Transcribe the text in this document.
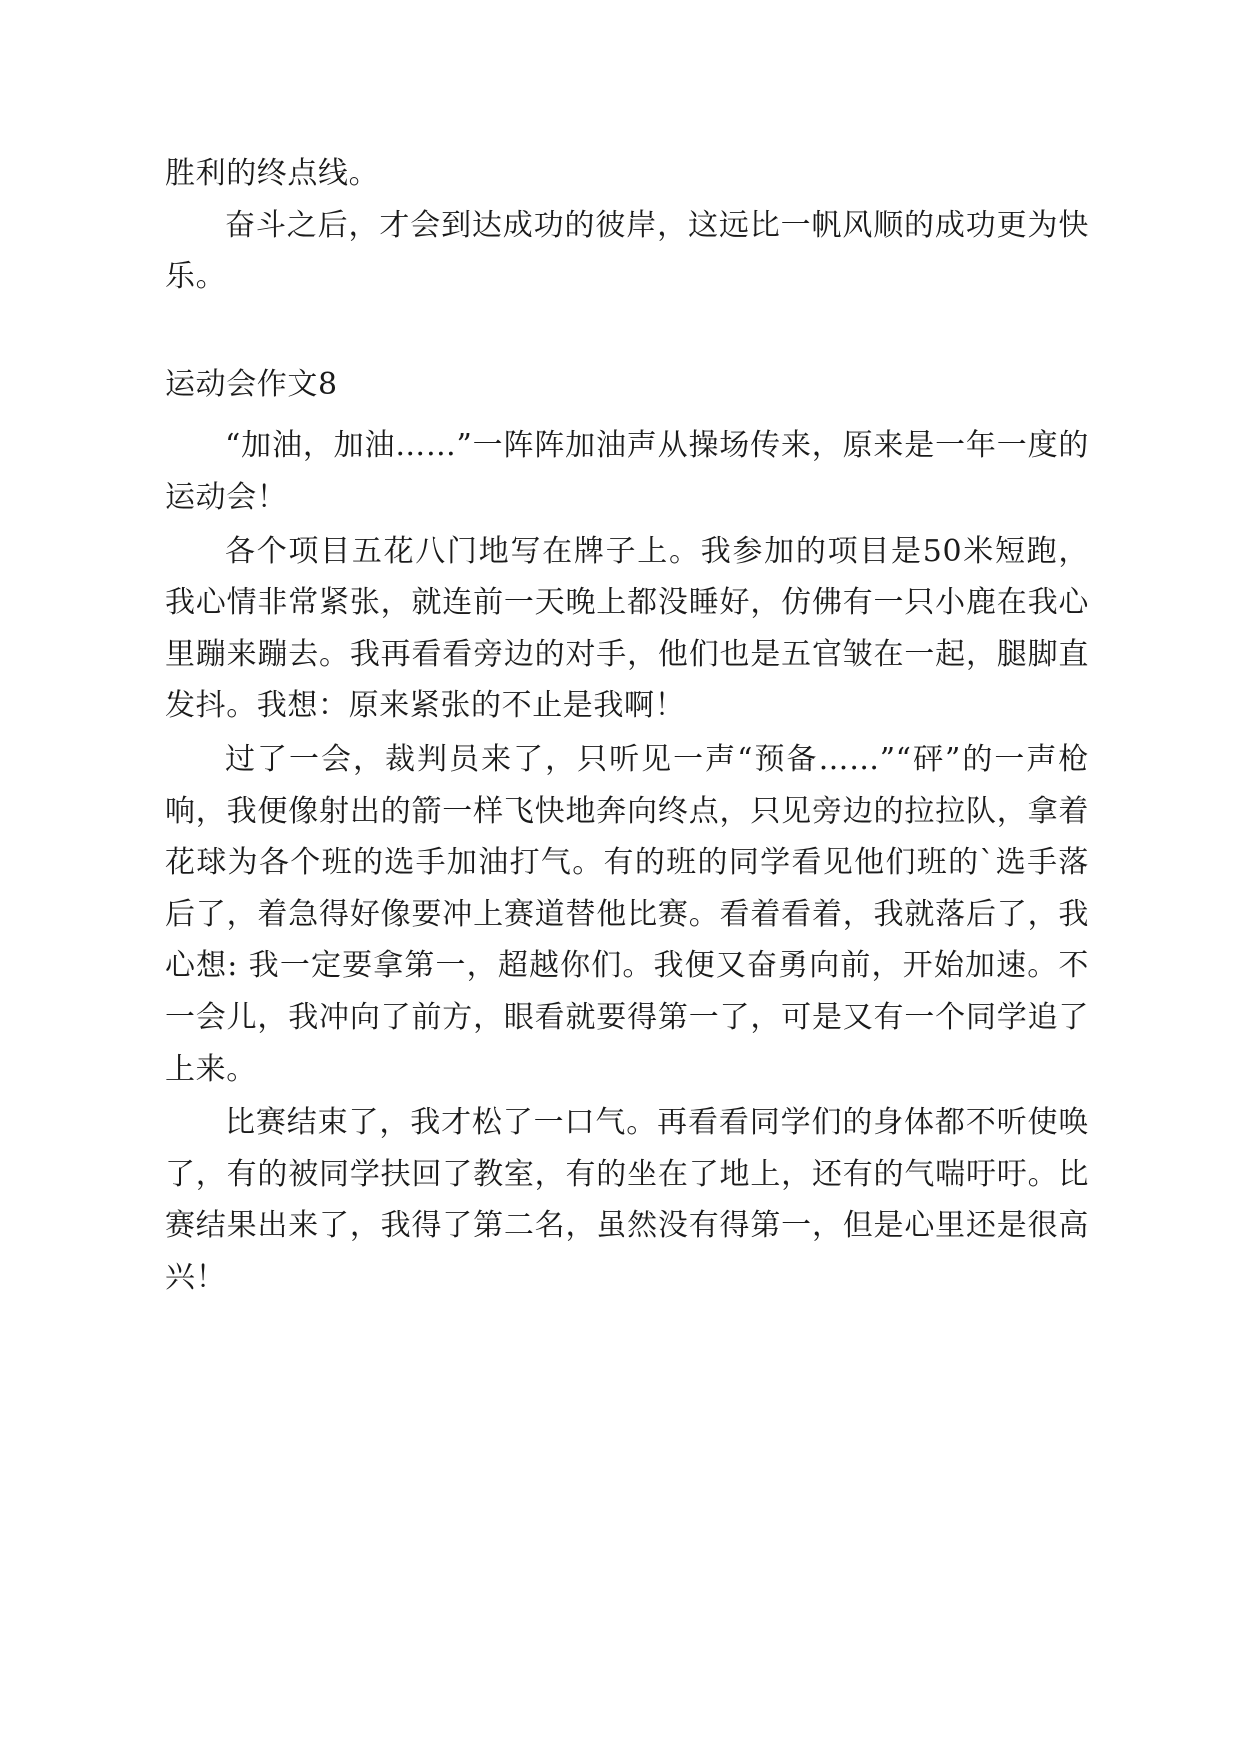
胜利的终点线。

奋斗之后，才会到达成功的彼岸，这远比一帆风顺的成功更为快乐。

运动会作文8

“加油，加油……”一阵阵加油声从操场传来，原来是一年一度的运动会！

各个项目五花八门地写在牌子上。我参加的项目是50米短跑，我心情非常紧张，就连前一天晚上都没睡好，仿佛有一只小鹿在我心里蹦来蹦去。我再看看旁边的对手，他们也是五官皱在一起，腿脚直发抖。我想：原来紧张的不止是我啊！

过了一会，裁判员来了，只听见一声“预备……”“砰”的一声枪响，我便像射出的箭一样飞快地奔向终点，只见旁边的拉拉队，拿着花球为各个班的选手加油打气。有的班的同学看见他们班的`选手落后了，着急得好像要冲上赛道替他比赛。看着看着，我就落后了，我心想: 我一定要拿第一，超越你们。我便又奋勇向前，开始加速。不一会儿，我冲向了前方，眼看就要得第一了，可是又有一个同学追了上来。

比赛结束了，我才松了一口气。再看看同学们的身体都不听使唤了，有的被同学扶回了教室，有的坐在了地上，还有的气喘吁吁。比赛结果出来了，我得了第二名，虽然没有得第一，但是心里还是很高兴！
